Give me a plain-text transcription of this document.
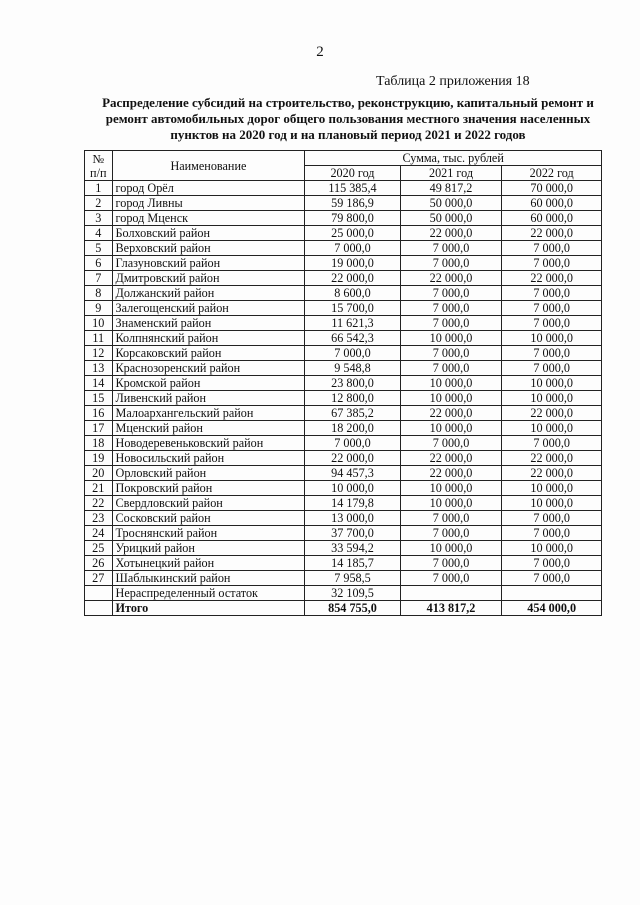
2
Таблица 2 приложения 18
Распределение субсидий на строительство, реконструкцию, капитальный ремонт и
ремонт автомобильных дорог общего пользования местного значения населенных
пунктов на 2020 год и на плановый период 2021 и 2022 годов
№
п/п	Наименование	Сумма, тыс. рублей		
		2020 год	2021 год	2022 год
1	город Орёл	115 385,4	49 817,2	70 000,0
2	город Ливны	59 186,9	50 000,0	60 000,0
3	город Мценск	79 800,0	50 000,0	60 000,0
4	Болховский район	25 000,0	22 000,0	22 000,0
5	Верховский район	7 000,0	7 000,0	7 000,0
6	Глазуновский район	19 000,0	7 000,0	7 000,0
7	Дмитровский район	22 000,0	22 000,0	22 000,0
8	Должанский район	8 600,0	7 000,0	7 000,0
9	Залегощенский район	15 700,0	7 000,0	7 000,0
10	Знаменский район	11 621,3	7 000,0	7 000,0
11	Колпнянский район	66 542,3	10 000,0	10 000,0
12	Корсаковский район	7 000,0	7 000,0	7 000,0
13	Краснозоренский район	9 548,8	7 000,0	7 000,0
14	Кромской район	23 800,0	10 000,0	10 000,0
15	Ливенский район	12 800,0	10 000,0	10 000,0
16	Малоархангельский район	67 385,2	22 000,0	22 000,0
17	Мценский район	18 200,0	10 000,0	10 000,0
18	Новодеревеньковский район	7 000,0	7 000,0	7 000,0
19	Новосильский район	22 000,0	22 000,0	22 000,0
20	Орловский район	94 457,3	22 000,0	22 000,0
21	Покровский район	10 000,0	10 000,0	10 000,0
22	Свердловский район	14 179,8	10 000,0	10 000,0
23	Сосковский район	13 000,0	7 000,0	7 000,0
24	Троснянский район	37 700,0	7 000,0	7 000,0
25	Урицкий район	33 594,2	10 000,0	10 000,0
26	Хотынецкий район	14 185,7	7 000,0	7 000,0
27	Шаблыкинский район	7 958,5	7 000,0	7 000,0
	Нераспределенный остаток	32 109,5		
	Итого	854 755,0	413 817,2	454 000,0
